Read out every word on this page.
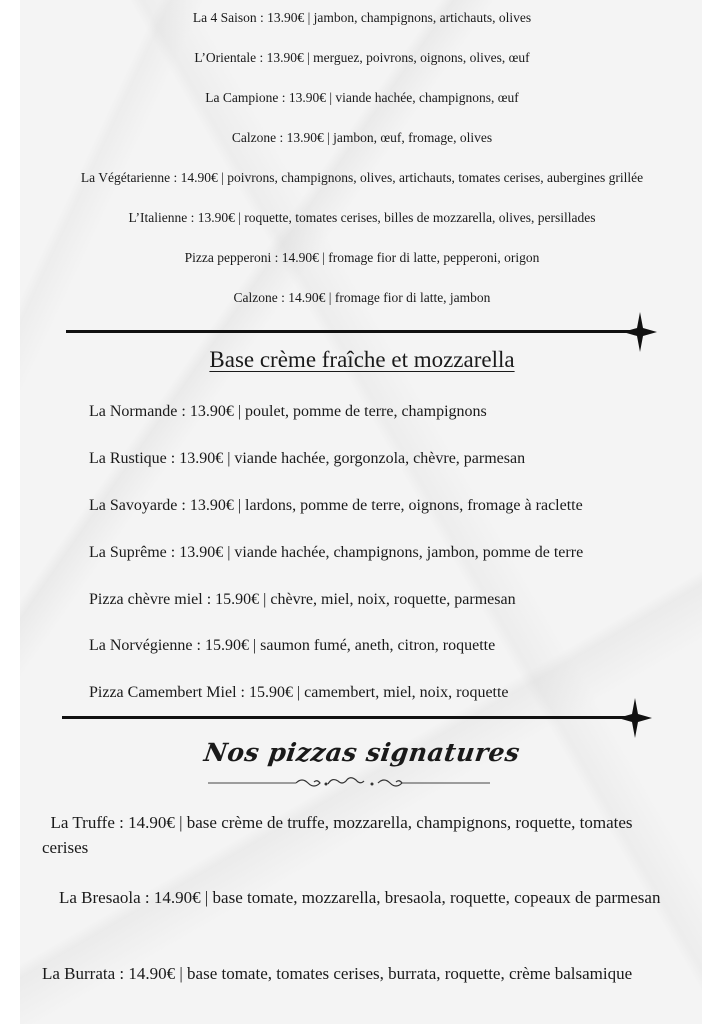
La 4 Saison : 13.90€ | jambon, champignons, artichauts, olives
L’Orientale : 13.90€ | merguez, poivrons, oignons, olives, œuf
La Campione : 13.90€ | viande hachée, champignons, œuf
Calzone : 13.90€ | jambon, œuf, fromage, olives
La Végétarienne : 14.90€ | poivrons, champignons, olives, artichauts, tomates cerises, aubergines grillée
L’Italienne : 13.90€ | roquette, tomates cerises, billes de mozzarella, olives, persillades
Pizza pepperoni : 14.90€ | fromage fior di latte, pepperoni, origon
Calzone : 14.90€ | fromage fior di latte, jambon
Base crème fraîche et mozzarella
La Normande : 13.90€ | poulet, pomme de terre, champignons
La Rustique : 13.90€ | viande hachée, gorgonzola, chèvre, parmesan
La Savoyarde : 13.90€ | lardons, pomme de terre, oignons, fromage à raclette
La Suprême : 13.90€ | viande hachée, champignons, jambon, pomme de terre
Pizza chèvre miel : 15.90€ | chèvre, miel, noix, roquette, parmesan
La Norvégienne : 15.90€ | saumon fumé, aneth, citron, roquette
Pizza Camembert Miel : 15.90€ | camembert, miel, noix, roquette
Nos pizzas signatures
La Truffe : 14.90€ | base crème de truffe, mozzarella, champignons, roquette, tomates cerises
La Bresaola : 14.90€ | base tomate, mozzarella, bresaola, roquette, copeaux de parmesan
La Burrata : 14.90€ | base tomate, tomates cerises, burrata, roquette, crème balsamique
